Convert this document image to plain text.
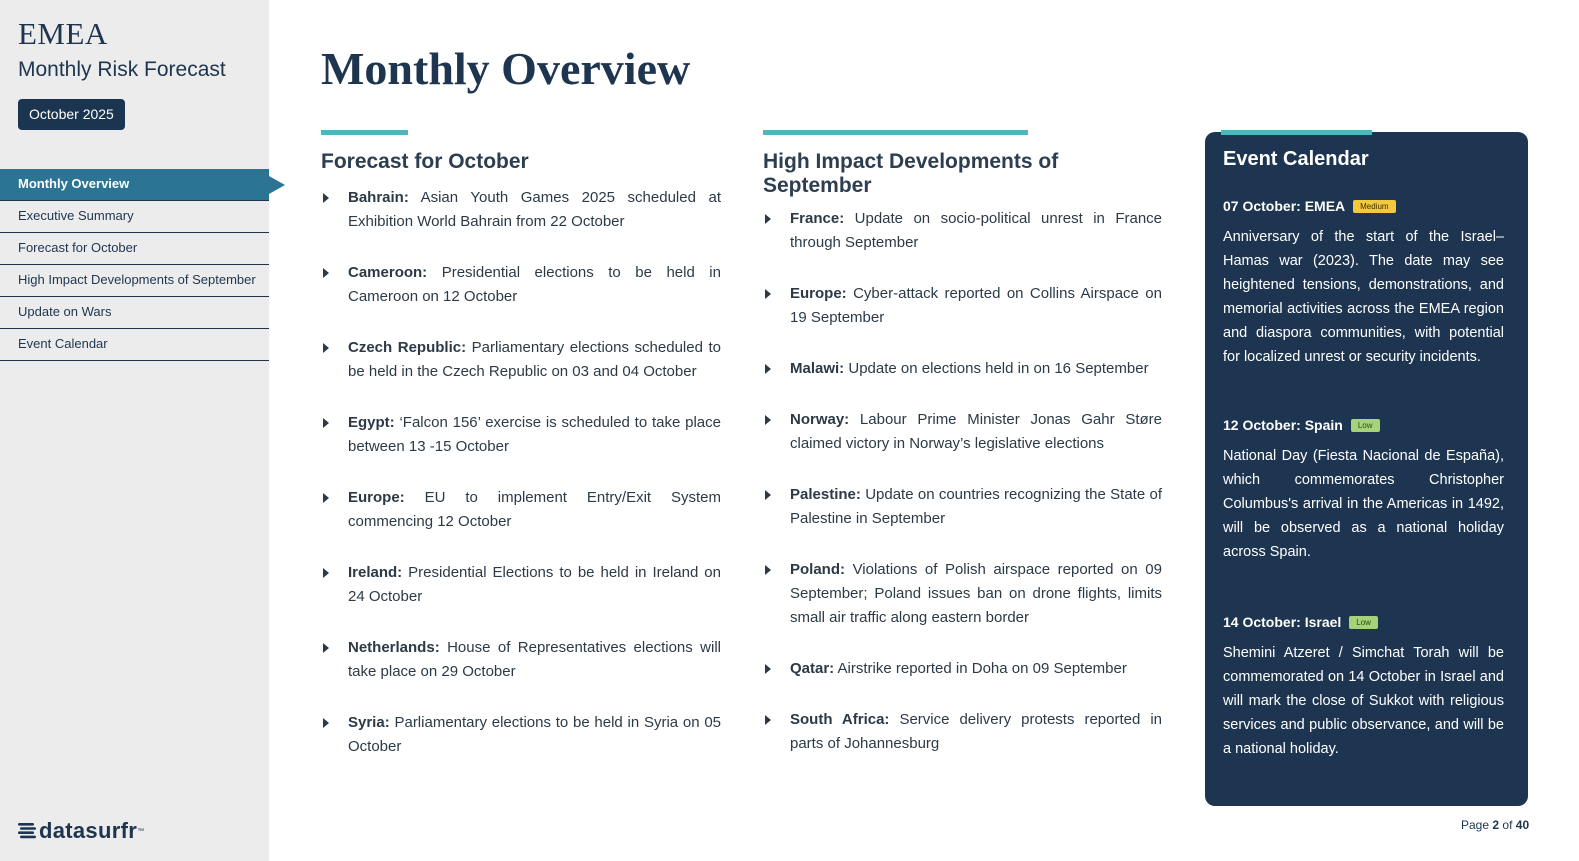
EMEA
Monthly Risk Forecast
October 2025
Monthly Overview
Executive Summary
Forecast for October
High Impact Developments of September
Update on Wars
Event Calendar
datasurfr ™
Monthly Overview
Forecast for October
Bahrain: Asian Youth Games 2025 scheduled at Exhibition World Bahrain from 22 October
Cameroon: Presidential elections to be held in Cameroon on 12 October
Czech Republic: Parliamentary elections scheduled to be held in the Czech Republic on 03 and 04 October
Egypt: ‘Falcon 156’ exercise is scheduled to take place between 13 -15 October
Europe: EU to implement Entry/Exit System commencing 12 October
Ireland: Presidential Elections to be held in Ireland on 24 October
Netherlands: House of Representatives elections will take place on 29 October
Syria: Parliamentary elections to be held in Syria on 05 October
High Impact Developments of September
France: Update on socio-political unrest in France through September
Europe: Cyber-attack reported on Collins Airspace on 19 September
Malawi: Update on elections held in on 16 September
Norway: Labour Prime Minister Jonas Gahr Støre claimed victory in Norway’s legislative elections
Palestine: Update on countries recognizing the State of Palestine in September
Poland: Violations of Polish airspace reported on 09 September; Poland issues ban on drone flights, limits small air traffic along eastern border
Qatar: Airstrike reported in Doha on 09 September
South Africa: Service delivery protests reported in parts of Johannesburg
Event Calendar
07 October: EMEA	Medium

Anniversary of the start of the Israel–Hamas war (2023). The date may see heightened tensions, demonstrations, and memorial activities across the EMEA region and diaspora communities, with potential for localized unrest or security incidents.

12 October: Spain	Low

National Day (Fiesta Nacional de España), which commemorates Christopher Columbus's arrival in the Americas in 1492, will be observed as a national holiday across Spain.

14 October: Israel	Low

Shemini Atzeret / Simchat Torah will be commemorated on 14 October in Israel and will mark the close of Sukkot with religious services and public observance, and will be a national holiday.

Page 2 of 40
